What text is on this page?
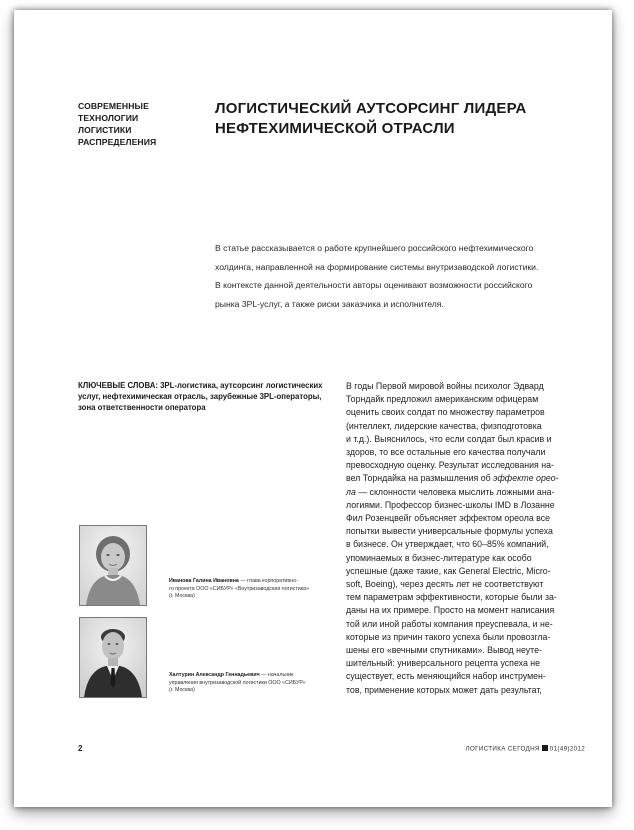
СОВРЕМЕННЫЕ
ТЕХНОЛОГИИ
ЛОГИСТИКИ
РАСПРЕДЕЛЕНИЯ
ЛОГИСТИЧЕСКИЙ АУТСОРСИНГ ЛИДЕРА
НЕФТЕХИМИЧЕСКОЙ ОТРАСЛИ
В статье рассказывается о работе крупнейшего российского нефтехимического
холдинга, направленной на формирование системы внутризаводской логистики.
В контексте данной деятельности авторы оценивают возможности российского
рынка 3PL-услуг, а также риски заказчика и исполнителя.
КЛЮЧЕВЫЕ СЛОВА: 3PL-логистика, аутсорсинг логистических
услуг, нефтехимическая отрасль, зарубежные 3PL-операторы,
зона ответственности оператора
В годы Первой мировой войны психолог Эдвард
Торндайк предложил американским офицерам
оценить своих солдат по множеству параметров
(интеллект, лидерские качества, физподготовка
и т.д.). Выяснилось, что если солдат был красив и
здоров, то все остальные его качества получали
превосходную оценку. Результат исследования на-
вел Торндайка на размышления об эффекте ореo-
ла — склонности человека мыслить ложными ана-
логиями. Профессор бизнес-школы IMD в Лозанне
Фил Розенцвейг объясняет эффектом ореола все
попытки вывести универсальные формулы успеха
в бизнесе. Он утверждает, что 60–85% компаний,
упоминаемых в бизнес-литературе как особо
успешные (даже такие, как General Electric, Micro-
soft, Boeing), через десять лет не соответствуют
тем параметрам эффективности, которые были за-
даны на их примере. Просто на момент написания
той или иной работы компания преуспевала, и не-
которые из причин такого успеха были провозгла-
шены его «вечными спутниками». Вывод неуте-
шительный: универсального рецепта успеха не
существует, есть меняющийся набор инструмен-
тов, применение которых может дать результат,
Иванова Галина Ивановна — глава корпоративно-
го проекта ООО «СИБУР» «Внутризаводская логистика»
(г. Москва)
Халтурин Александр Геннадьевич — начальник
управления внутризаводской логистики ООО «СИБУР»
(г. Москва)
2	ЛОГИСТИКА СЕГОДНЯ 01(49)2012
